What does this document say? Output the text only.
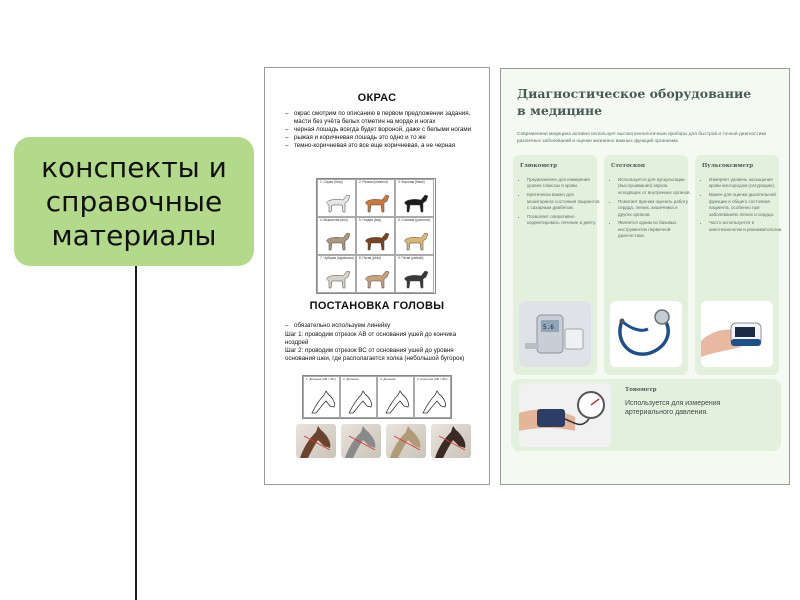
конспекты и справочные материалы
ОКРАС
– окрас смотрим по описанию в первом предложении задания, масти без учёта белых отметин на морде и ногах
– черная лошадь всегда будет вороной, даже с белыми ногами
– рыжая и коричневая лошадь это одно и то же
– темно-коричневая это все еще коричневая, а не черная
1. Серая (Grey)	2. Рыжая (chestnut)	3. Вороная (black)
4. Мышастая (dun)	5. Гнедая (bay)	6. Соловая (palomino)
7. Чубарая (appaloosa) 8. Пегая (pinto)	9. Пегая (piebald)
ПОСТАНОВКА ГОЛОВЫ
– обязательно используем линейку
Шаг 1: проводим отрезок АВ от основания ушей до кончика ноздрей
Шаг 2: проводим отрезок ВС от основания ушей до уровня основания шеи, где располагается холка (небольшой бугорок)
1. Длинная (AB > BC)	2. Длинная	3. Длинная	4. Короткая (AB > BC)
Диагностическое оборудование в медицине
Современная медицина активно использует высокотехнологичные приборы для быстрой и точной диагностики различных заболеваний и оценки жизненно важных функций организма.
Глюкометр
• Предназначен для измерения уровня глюкозы в крови.
• Критически важен для мониторинга состояния пациентов с сахарным диабетом.
• Позволяет оперативно корректировать лечение и диету.
5.6
Стетоскоп
• Используется для аускультации (выслушивания) звуков, исходящих от внутренних органов.
• Помогает врачам оценить работу сердца, легких, кишечника и других органов.
• Является одним из базовых инструментов первичной диагностики.
Пульсоксиметр
• Измеряет уровень насыщения крови кислородом (сатурацию).
• Важен для оценки дыхательной функции и общего состояния пациента, особенно при заболеваниях легких и сердца.
• Часто используется в анестезиологии и реаниматологии.
Тонометр
Используется для измерения артериального давления.
